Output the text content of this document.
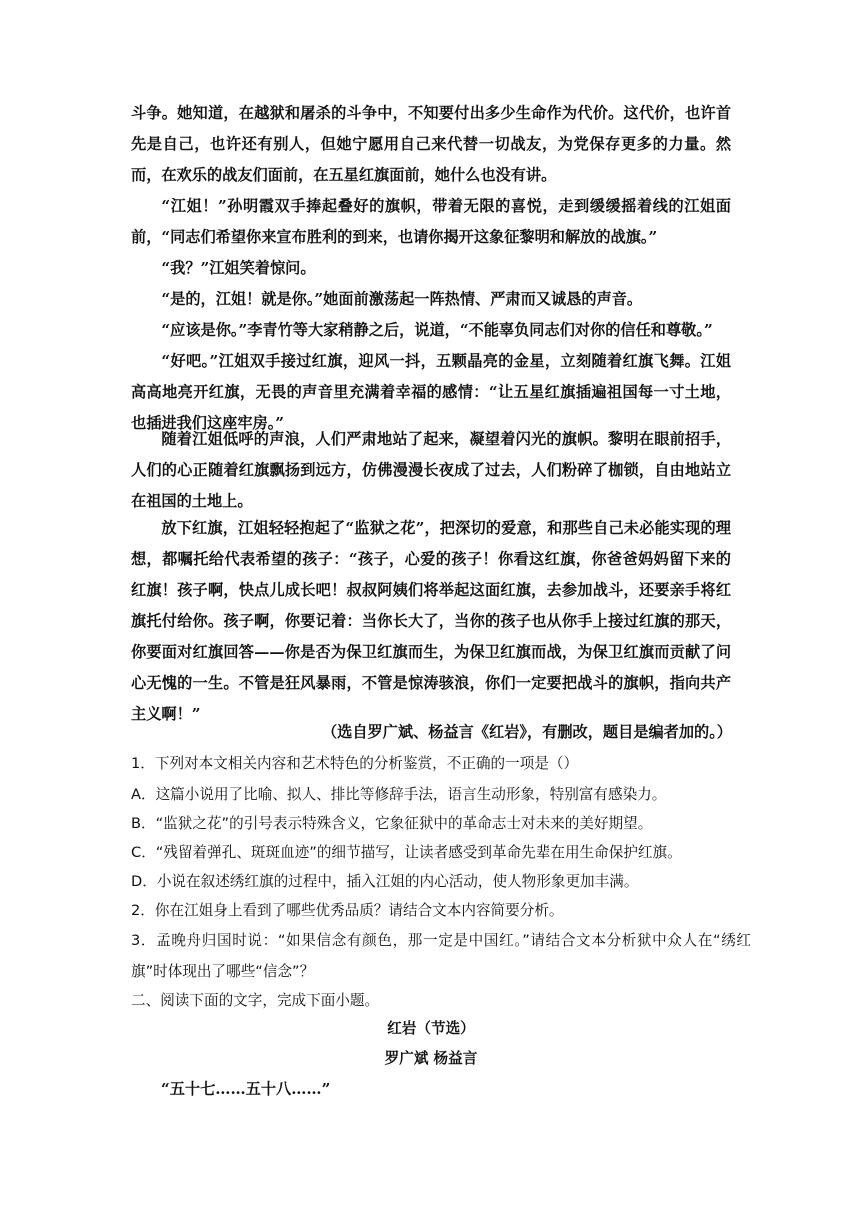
斗争。她知道，在越狱和屠杀的斗争中，不知要付出多少生命作为代价。这代价，也许首先是自己，也许还有别人，但她宁愿用自己来代替一切战友，为党保存更多的力量。然而，在欢乐的战友们面前，在五星红旗面前，她什么也没有讲。

“江姐！”孙明霞双手捧起叠好的旗帜，带着无限的喜悦，走到缓缓摇着线的江姐面前，“同志们希望你来宣布胜利的到来，也请你揭开这象征黎明和解放的战旗。”

“我？”江姐笑着惊问。

“是的，江姐！就是你。”她面前激荡起一阵热情、严肃而又诚恳的声音。

“应该是你。”李青竹等大家稍静之后，说道，“不能辜负同志们对你的信任和尊敬。”

“好吧。”江姐双手接过红旗，迎风一抖，五颗晶亮的金星，立刻随着红旗飞舞。江姐高高地亮开红旗，无畏的声音里充满着幸福的感情：“让五星红旗插遍祖国每一寸土地，也插进我们这座牢房。”

随着江姐低呼的声浪，人们严肃地站了起来，凝望着闪光的旗帜。黎明在眼前招手，人们的心正随着红旗飘扬到远方，仿佛漫漫长夜成了过去，人们粉碎了枷锁，自由地站立在祖国的土地上。

放下红旗，江姐轻轻抱起了“监狱之花”，把深切的爱意，和那些自己未必能实现的理想，都嘱托给代表希望的孩子：“孩子，心爱的孩子！你看这红旗，你爸爸妈妈留下来的红旗！孩子啊，快点儿成长吧！叔叔阿姨们将举起这面红旗，去参加战斗，还要亲手将红旗托付给你。孩子啊，你要记着：当你长大了，当你的孩子也从你手上接过红旗的那天，你要面对红旗回答——你是否为保卫红旗而生，为保卫红旗而战，为保卫红旗而贡献了问心无愧的一生。不管是狂风暴雨，不管是惊涛骇浪，你们一定要把战斗的旗帜，指向共产主义啊！”

（选自罗广斌、杨益言《红岩》，有删改，题目是编者加的。）

1．下列对本文相关内容和艺术特色的分析鉴赏，不正确的一项是（）

A．这篇小说用了比喻、拟人、排比等修辞手法，语言生动形象，特别富有感染力。

B．“监狱之花”的引号表示特殊含义，它象征狱中的革命志士对未来的美好期望。

C．“残留着弹孔、斑斑血迹”的细节描写，让读者感受到革命先辈在用生命保护红旗。

D．小说在叙述绣红旗的过程中，插入江姐的内心活动，使人物形象更加丰满。

2．你在江姐身上看到了哪些优秀品质？请结合文本内容简要分析。

3．孟晚舟归国时说：“如果信念有颜色，那一定是中国红。”请结合文本分析狱中众人在“绣红旗”时体现出了哪些“信念”？

二、阅读下面的文字，完成下面小题。

红岩（节选）
罗广斌 杨益言

“五十七……五十八……”
